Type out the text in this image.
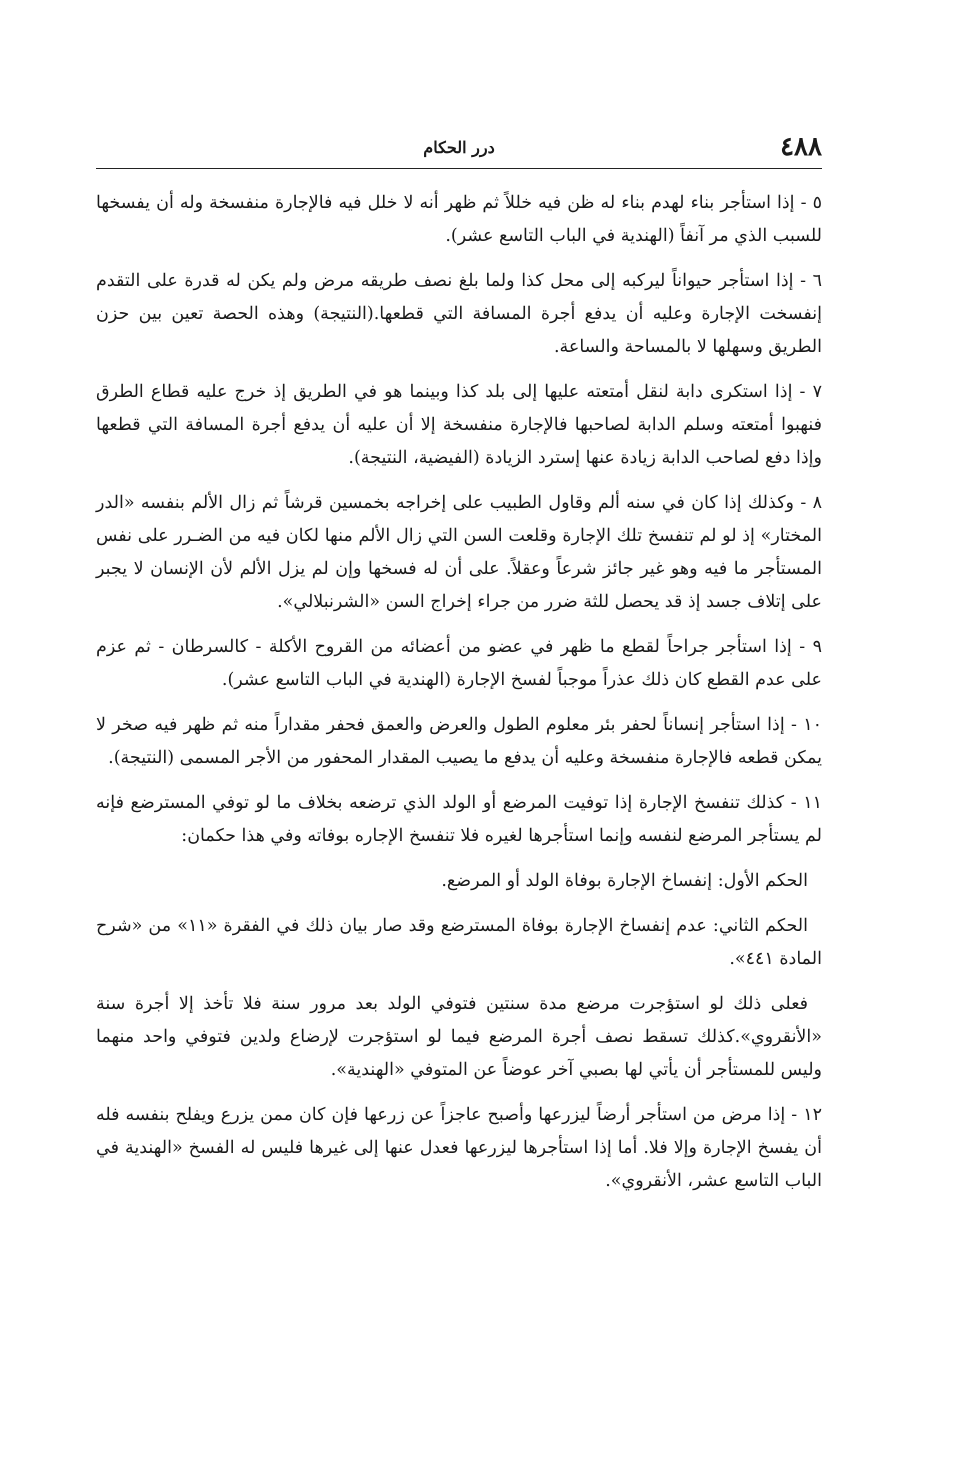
٤٨٨
درر الحكام

٥ - إذا استأجر بناء لهدم بناء له ظن فيه خللاً ثم ظهر أنه لا خلل فيه فالإجارة منفسخة وله أن يفسخها للسبب الذي مر آنفاً (الهندية في الباب التاسع عشر).

٦ - إذا استأجر حيواناً ليركبه إلى محل كذا ولما بلغ نصف طريقه مرض ولم يكن له قدرة على التقدم إنفسخت الإجارة وعليه أن يدفع أجرة المسافة التي قطعها.(النتيجة) وهذه الحصة تعين بين حزن الطريق وسهلها لا بالمساحة والساعة.

٧ - إذا استكرى دابة لنقل أمتعته عليها إلى بلد كذا وبينما هو في الطريق إذ خرج عليه قطاع الطرق فنهبوا أمتعته وسلم الدابة لصاحبها فالإجارة منفسخة إلا أن عليه أن يدفع أجرة المسافة التي قطعها وإذا دفع لصاحب الدابة زيادة عنها إسترد الزيادة (الفيضية، النتيجة).

٨ - وكذلك إذا كان في سنه ألم وقاول الطبيب على إخراجه بخمسين قرشاً ثم زال الألم بنفسه «الدر المختار» إذ لو لم تنفسخ تلك الإجارة وقلعت السن التي زال الألم منها لكان فيه من الضـرر على نفس المستأجر ما فيه وهو غير جائز شرعاً وعقلاً. على أن له فسخها وإن لم يزل الألم لأن الإنسان لا يجبر على إتلاف جسد إذ قد يحصل للثة ضرر من جراء إخراج السن «الشرنبلالي».

٩ - إذا استأجر جراحاً لقطع ما ظهر في عضو من أعضائه من القروح الأكلة - كالسرطان - ثم عزم على عدم القطع كان ذلك عذراً موجباً لفسخ الإجارة (الهندية في الباب التاسع عشر).

١٠ - إذا استأجر إنساناً لحفر بئر معلوم الطول والعرض والعمق فحفر مقداراً منه ثم ظهر فيه صخر لا يمكن قطعه فالإجارة منفسخة وعليه أن يدفع ما يصيب المقدار المحفور من الأجر المسمى (النتيجة).

١١ - كذلك تنفسخ الإجارة إذا توفيت المرضع أو الولد الذي ترضعه بخلاف ما لو توفي المسترضع فإنه لم يستأجر المرضع لنفسه وإنما استأجرها لغيره فلا تنفسخ الإجاره بوفاته وفي هذا حكمان:

الحكم الأول: إنفساخ الإجارة بوفاة الولد أو المرضع.

الحكم الثاني: عدم إنفساخ الإجارة بوفاة المسترضع وقد صار بيان ذلك في الفقرة «١١» من «شرح المادة ٤٤١».

فعلى ذلك لو استؤجرت مرضع مدة سنتين فتوفي الولد بعد مرور سنة فلا تأخذ إلا أجرة سنة «الأنقروي».كذلك تسقط نصف أجرة المرضع فيما لو استؤجرت لإرضاع ولدين فتوفي واحد منهما وليس للمستأجر أن يأتي لها بصبي آخر عوضاً عن المتوفي «الهندية».

١٢ - إذا مرض من استأجر أرضاً ليزرعها وأصبح عاجزاً عن زرعها فإن كان ممن يزرع ويفلح بنفسه فله أن يفسخ الإجارة وإلا فلا. أما إذا استأجرها ليزرعها فعدل عنها إلى غيرها فليس له الفسخ «الهندية في الباب التاسع عشر، الأنقروي».
